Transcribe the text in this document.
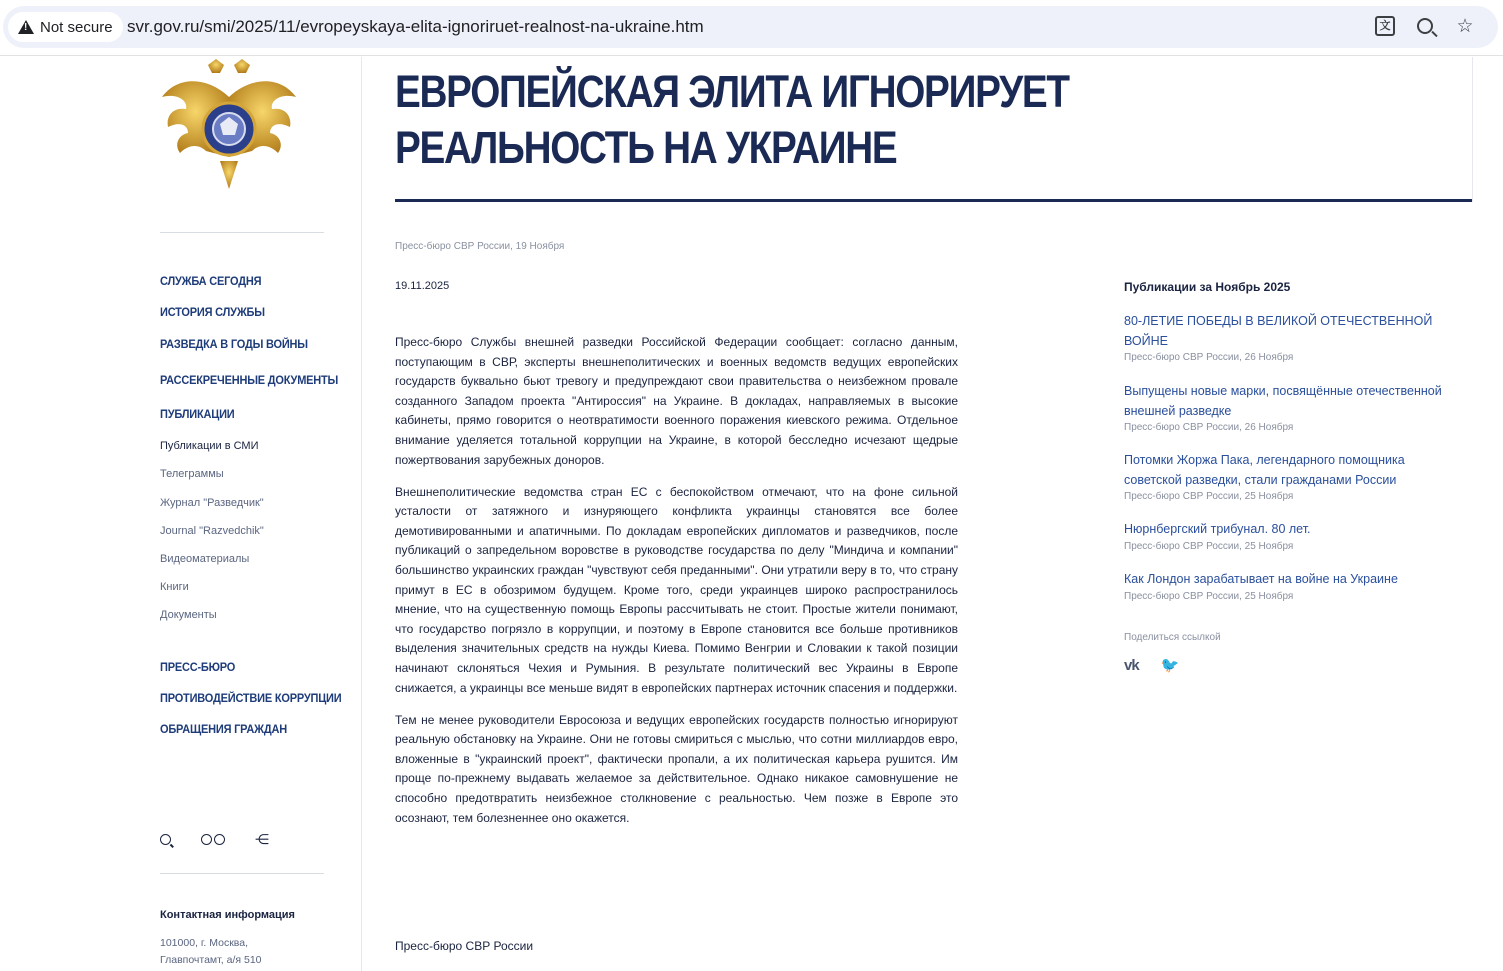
!
Not secure svr.gov.ru/smi/2025/11/evropeyskaya-elita-ignoriruet-realnost-na-ukraine.htm	文	☆
СЛУЖБА СЕГОДНЯ
ИСТОРИЯ СЛУЖБЫ
РАЗВЕДКА В ГОДЫ ВОЙНЫ
РАССЕКРЕЧЕННЫЕ ДОКУМЕНТЫ
ПУБЛИКАЦИИ
Публикации в СМИ
Телеграммы
Журнал "Разведчик"
Journal "Razvedchik"
Видеоматериалы
Книги
Документы
ПРЕСС-БЮРО
ПРОТИВОДЕЙСТВИЕ КОРРУПЦИИ
ОБРАЩЕНИЯ ГРАЖДАН
⋲
Контактная информация
101000, г. Москва,
Главпочтамт, а/я 510
ЕВРОПЕЙСКАЯ ЭЛИТА ИГНОРИРУЕТ РЕАЛЬНОСТЬ НА УКРАИНЕ
Пресс-бюро СВР России, 19 Ноября
19.11.2025

Пресс-бюро Службы внешней разведки Российской Федерации сообщает: согласно данным, поступающим в СВР, эксперты внешнеполитических и военных ведомств ведущих европейских государств буквально бьют тревогу и предупреждают свои правительства о неизбежном провале созданного Западом проекта "Антироссия" на Украине. В докладах, направляемых в высокие кабинеты, прямо говорится о неотвратимости военного поражения киевского режима. Отдельное внимание уделяется тотальной коррупции на Украине, в которой бесследно исчезают щедрые пожертвования зарубежных доноров.

Внешнеполитические ведомства стран ЕС с беспокойством отмечают, что на фоне сильной усталости от затяжного и изнуряющего конфликта украинцы становятся все более демотивированными и апатичными. По докладам европейских дипломатов и разведчиков, после публикаций о запредельном воровстве в руководстве государства по делу "Миндича и компании" большинство украинских граждан "чувствуют себя преданными". Они утратили веру в то, что страну примут в ЕС в обозримом будущем. Кроме того, среди украинцев широко распространилось мнение, что на существенную помощь Европы рассчитывать не стоит. Простые жители понимают, что государство погрязло в коррупции, и поэтому в Европе становится все больше противников выделения значительных средств на нужды Киева. Помимо Венгрии и Словакии к такой позиции начинают склоняться Чехия и Румыния. В результате политический вес Украины в Европе снижается, а украинцы все меньше видят в европейских партнерах источник спасения и поддержки.

Тем не менее руководители Евросоюза и ведущих европейских государств полностью игнорируют реальную обстановку на Украине. Они не готовы смириться с мыслью, что сотни миллиардов евро, вложенные в "украинский проект", фактически пропали, а их политическая карьера рушится. Им проще по-прежнему выдавать желаемое за действительное. Однако никакое самовнушение не способно предотвратить неизбежное столкновение с реальностью. Чем позже в Европе это осознают, тем болезненнее оно окажется.

Пресс-бюро СВР России
Публикации за Ноябрь 2025
80-ЛЕТИЕ ПОБЕДЫ В ВЕЛИКОЙ ОТЕЧЕСТВЕННОЙ ВОЙНЕ
Пресс-бюро СВР России, 26 Ноября
Выпущены новые марки, посвящённые отечественной внешней разведке
Пресс-бюро СВР России, 26 Ноября
Потомки Жоржа Пака, легендарного помощника советской разведки, стали гражданами России
Пресс-бюро СВР России, 25 Ноября
Нюрнбергский трибунал. 80 лет.
Пресс-бюро СВР России, 25 Ноября
Как Лондон зарабатывает на войне на Украине
Пресс-бюро СВР России, 25 Ноября
Поделиться ссылкой
vk 🐦
